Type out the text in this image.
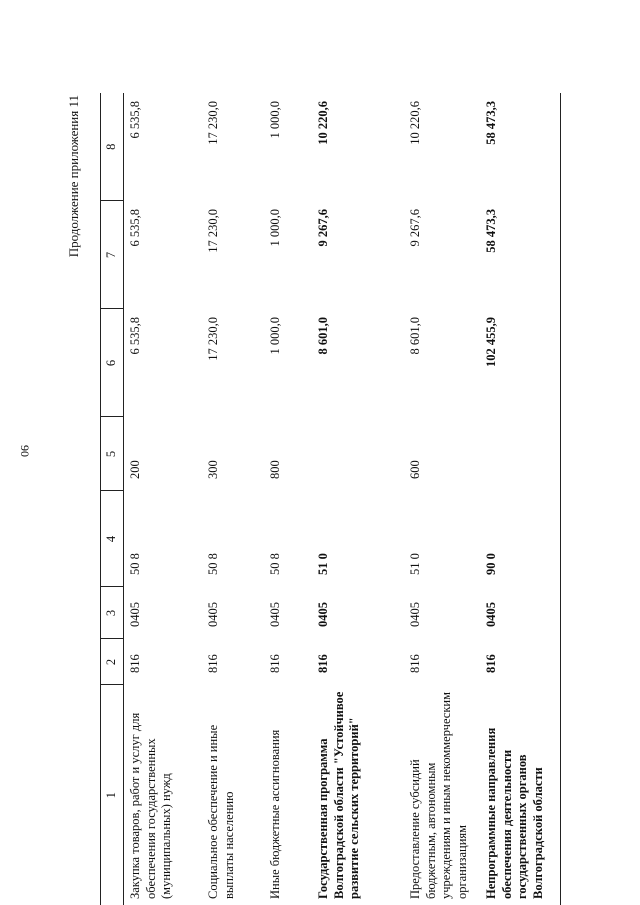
90
Продолжение приложения 11
1	2	3	4	5	6	7	8
Закупка товаров, работ и услуг для обеспечения государственных (муниципальных) нужд	816	0405	50 8	200	6 535,8	6 535,8	6 535,8
Социальное обеспечение и иные выплаты населению	816	0405	50 8	300	17 230,0	17 230,0	17 230,0
Иные бюджетные ассигнования	816	0405	50 8	800	1 000,0	1 000,0	1 000,0
Государственная программа Волгоградской области "Устойчивое развитие сельских территорий"	816	0405	51 0		8 601,0	9 267,6	10 220,6
Предоставление субсидий бюджетным, автономным учреждениям и иным некоммерческим организациям	816	0405	51 0	600	8 601,0	9 267,6	10 220,6
Непрограммные направления обеспечения деятельности государственных органов Волгоградской области	816	0405	90 0		102 455,9	58 473,3	58 473,3
